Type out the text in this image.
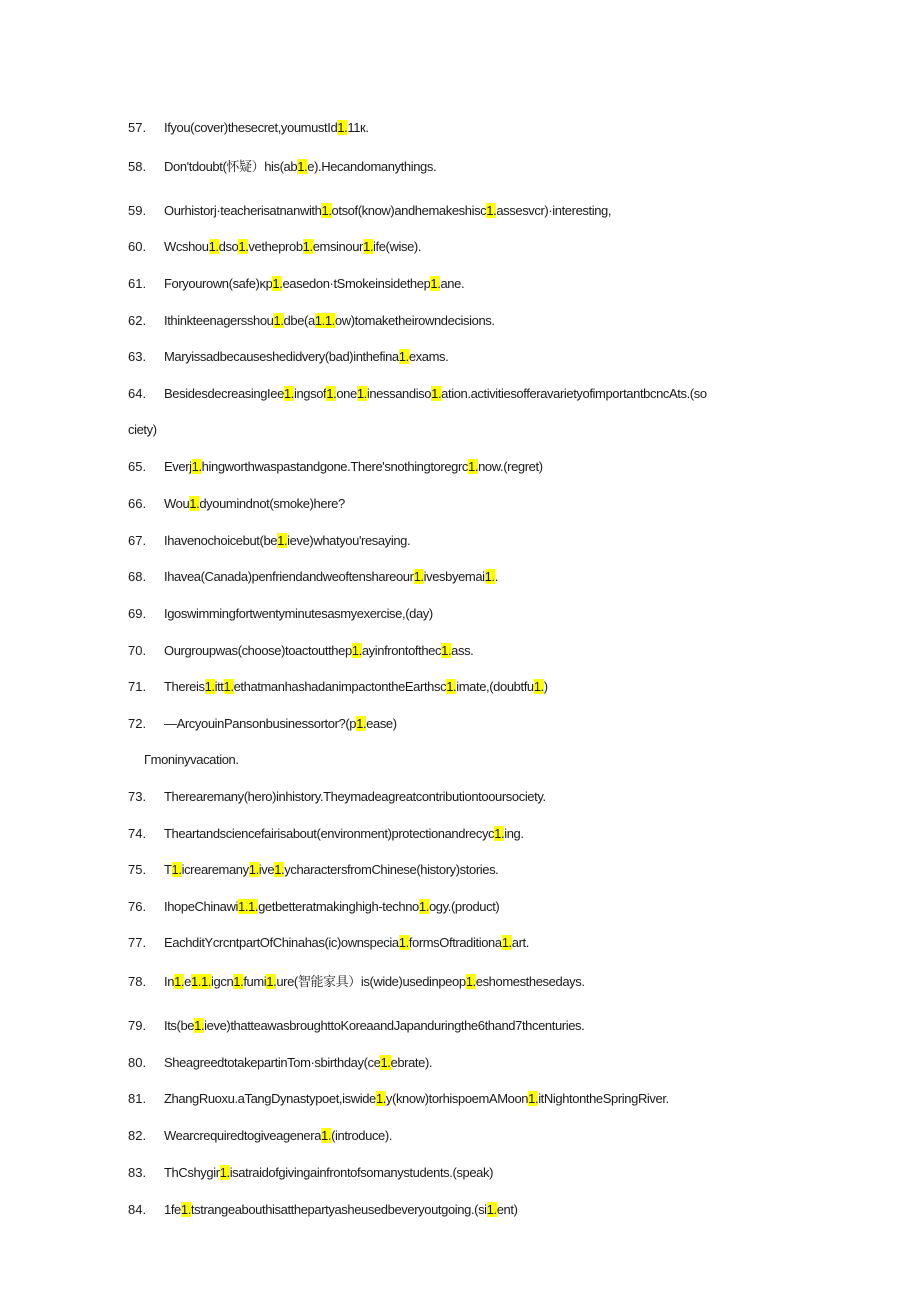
57. Ifyou(cover)thesecret,youmustId1.11к.
58. Don'tdoubt(怀疑）his(ab1.e).Hecandomanythings.
59. Ourhistorj·teacherisatnanwith1.otsof(know)andhemakeshisc1.assesvcr)·interesting,
60. Wcshou1.dso1.vetheprob1.emsinour1.ife(wise).
61. Foryourown(safe)ĸp1.easedon·tSmokeinsidethep1.ane.
62. Ithinkteenagersshou1.dbe(a1.1.ow)tomaketheirowndecisions.
63. Maryissadbecauseshedidvery(bad)inthefina1.exams.
64. BesidesdecreasingIee1.ingsof1.one1.inessandiso1.ation.activitiesofferavarietyofimportantbcncAts.(so
ciety)
65. Everj1.hingworthwaspastandgone.There'snothingtoregrc1.now.(regret)
66. Wou1.dyoumindnot(smoke)here?
67. Ihavenochoicebut(be1.ieve)whatyou'resaying.
68. Ihavea(Canada)penfriendandweoftenshareour1.ivesbyemai1..
69. Igoswimmingfortwentyminutesasmyexercise,(day)
70. Ourgroupwas(choose)toactoutthep1.ayinfrontofthec1.ass.
71. Thereis1.itt1.ethatmanhashadanimpactontheEarthsc1.imate,(doubtfu1.)
72. —ArcyouinPansonbusinessortor?(p1.ease)
Гmoninyvacation.
73. Therearemany(hero)inhistory.Theymadeagreatcontributiontooursociety.
74. Theartandsciencefairisabout(environment)protectionandrecyc1.ing.
75. T1.icrearemany1.ive1.ycharactersfromChinese(history)stories.
76. IhopeChinawi1.1.getbetteratmakinghigh-techno1.ogy.(product)
77. EachditYcrcntpartOfChinahas(ic)ownspecia1.formsOftraditiona1.art.
78. In1.e1.1.igcn1.fumi1.ure(智能家具）is(wide)usedinpeop1.eshomesthesedays.
79. Its(be1.ieve)thatteawasbroughttoKoreaandJapanduringthe6thand7thcenturies.
80. SheagreedtotakepartinTom·sbirthday(ce1.ebrate).
81. ZhangRuoxu.aTangDynastypoet,iswide1.y(know)torhispoemAMoon1.itNightontheSpringRiver.
82. Wearcrequiredtogiveagenera1.(introduce).
83. ThCshygir1.isatraidofgivingainfrontofsomanystudents.(speak)
84. 1fe1.tstrangeabouthisatthepartyasheusedbeveryoutgoing.(si1.ent)
